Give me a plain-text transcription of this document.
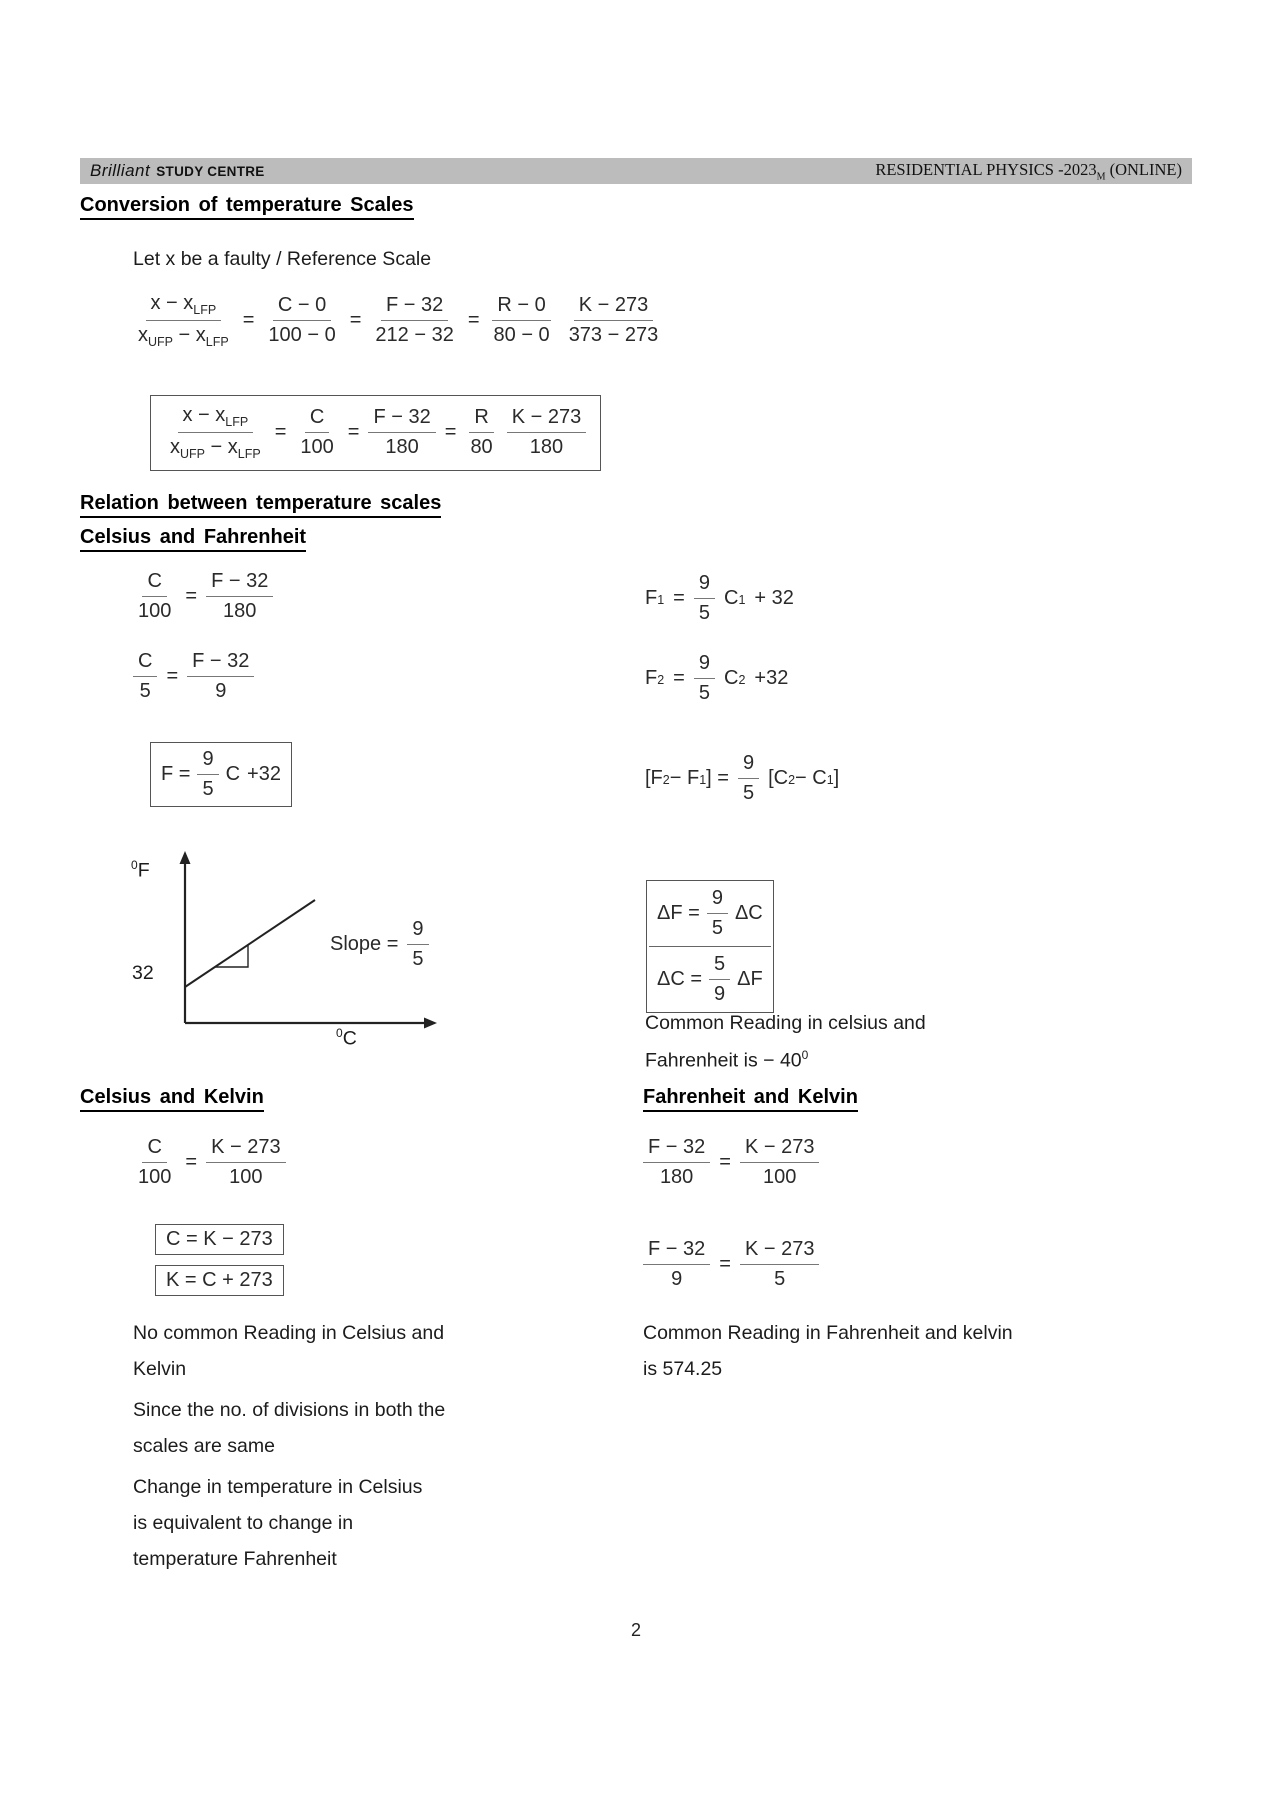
Brilliant STUDY CENTRE	RESIDENTIAL PHYSICS $-2023_M$ (ONLINE)
Conversion of temperature Scales
Let x be a faulty / Reference Scale
$\frac{x - x_{LFP}}{x_{UFP} - x_{LFP}} = \frac{C - 0}{100 - 0} = \frac{F - 32}{212 - 32} = \frac{R - 0}{80 - 0} \frac{K - 273}{373 - 273}$
$\frac{x - x_{LFP}}{x_{UFP} - x_{LFP}} = \frac{C}{100} = \frac{F - 32}{180} = \frac{R}{80} \frac{K - 273}{180}$
Relation between temperature scales
Celsius and Fahrenheit
$\frac{C}{100} = \frac{F - 32}{180}$	F $1 = \frac{9}{5}$ C 1 + 32
$\frac{C}{5} = \frac{F - 32}{9}$	F $2 = \frac{9}{5}$ C 2 +32
$F = \frac{9}{5}$ C +32	[F 2 − F 1 ] = $\frac{9}{5} [C$ 2 − C 1 ]
$^0$F
32
Slope = $\frac{9}{5}$
$^0$C
$\Delta F = \frac{9}{5}$ ΔC
$\Delta C = \frac{5}{9}$ ΔF
Common Reading in celsius and
Fahrenheit is − $40^0$
Celsius and Kelvin	Fahrenheit and Kelvin
$\frac{C}{100} = \frac{K - 273}{100}$	$\frac{F - 32}{180} = \frac{K - 273}{100}$
C = K − 273
K = C + 273	$\frac{F - 32}{9} = \frac{K - 273}{5}$
No common Reading in Celsius and
Kelvin
Since the no. of divisions in both the
scales are same
Change in temperature in Celsius
is equivalent to change in
temperature Fahrenheit
Common Reading in Fahrenheit and kelvin
is 574.25
2
